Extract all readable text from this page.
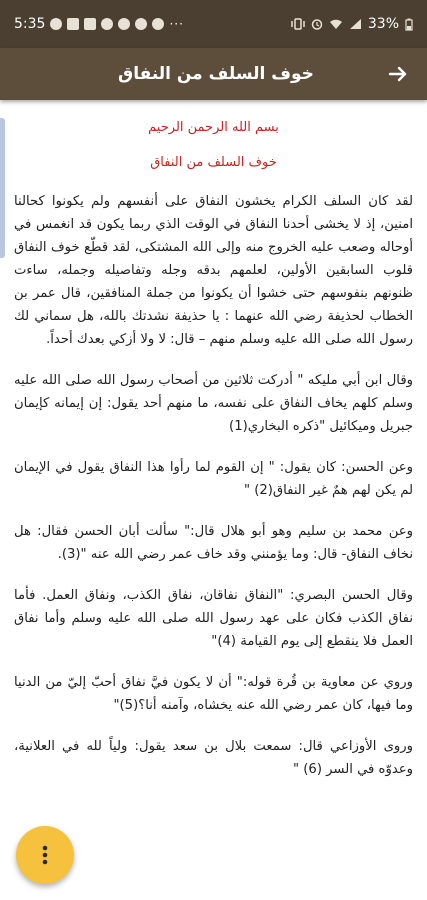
5:35	···	33%
خوف السلف من النفاق

بسم الله الرحمن الرحيم

خوف السلف من النفاق

لقد كان السلف الكرام يخشون النفاق على أنفسهم ولم يكونوا كحالنا امنين، إذ لا يخشى أحدنا النفاق في الوقت الذي ربما يكون قد انغمس في أوحاله وصعب عليه الخروج منه وإلى الله المشتكى، لقد قطّع خوف النفاق قلوب السابقين الأولين، لعلمهم بدقه وجله وتفاصيله وجمله، ساءت ظنونهم بنفوسهم حتى خشوا أن يكونوا من جملة المنافقين، قال عمر بن الخطاب لحذيفة رضي الله عنهما : يا حذيفة نشدتك بالله، هل سماني لك رسول الله صلى الله عليه وسلم منهم – قال: لا ولا أزكي بعدك أحداً.

وقال ابن أبي مليكه " أدركت ثلاثين من أصحاب رسول الله صلى الله عليه وسلم كلهم يخاف النفاق على نفسه، ما منهم أحد يقول: إن إيمانه كإيمان جبريل وميكائيل "ذكره البخاري(1)

وعن الحسن: كان يقول: " إن القوم لما رأوا هذا النفاق يقول في الإيمان لم يكن لهم همٌ غير النفاق(2) "

وعن محمد بن سليم وهو أبو هلال قال:" سألت أبان الحسن فقال: هل نخاف النفاق- قال: وما يؤمنني وقد خاف عمر رضي الله عنه "(3).

وقال الحسن البصري: "النفاق نفاقان، نفاق الكذب، ونفاق العمل. فأما نفاق الكذب فكان على عهد رسول الله صلى الله عليه وسلم وأما نفاق العمل فلا ينقطع إلى يوم القيامة (4)"

وروي عن معاوية بن قُرة قوله:" أن لا يكون فيَّ نفاق أحبّ إليّ من الدنيا وما فيها، كان عمر رضي الله عنه يخشاه، وآمنه أنا؟(5)"

وروى الأوزاعي قال: سمعت بلال بن سعد يقول: ولياً لله في العلانية، وعدوّه في السر (6) "
